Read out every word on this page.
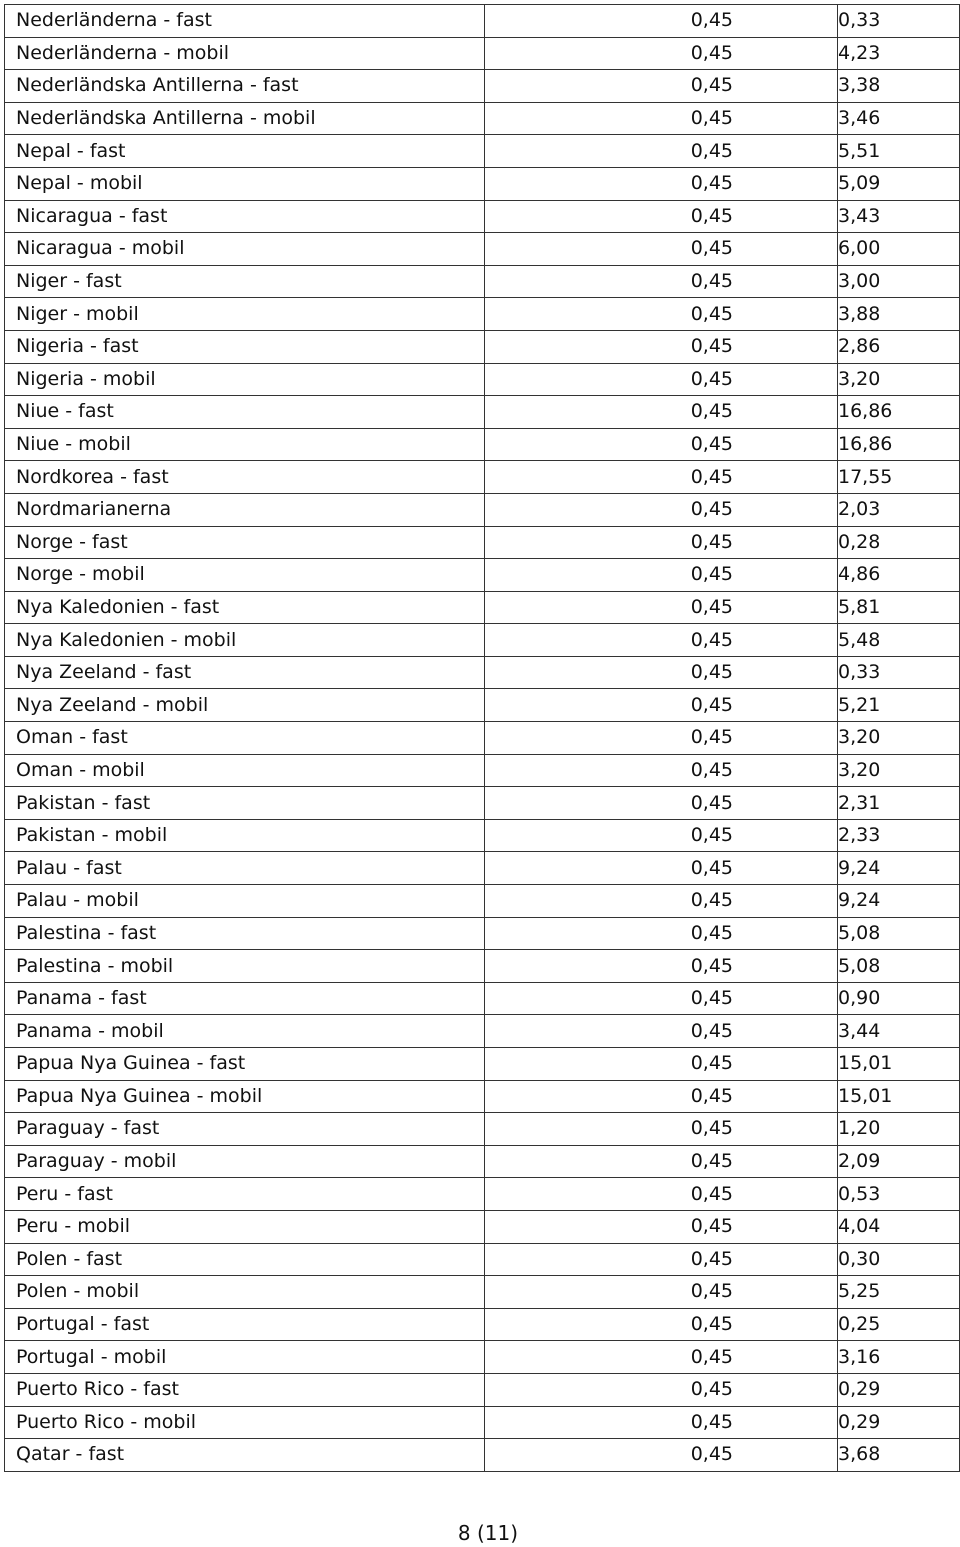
Nederländerna - fast	0,45	0,33
Nederländerna - mobil	0,45	4,23
Nederländska Antillerna - fast	0,45	3,38
Nederländska Antillerna - mobil	0,45	3,46
Nepal - fast	0,45	5,51
Nepal - mobil	0,45	5,09
Nicaragua - fast	0,45	3,43
Nicaragua - mobil	0,45	6,00
Niger - fast	0,45	3,00
Niger - mobil	0,45	3,88
Nigeria - fast	0,45	2,86
Nigeria - mobil	0,45	3,20
Niue - fast	0,45	16,86
Niue - mobil	0,45	16,86
Nordkorea - fast	0,45	17,55
Nordmarianerna	0,45	2,03
Norge - fast	0,45	0,28
Norge - mobil	0,45	4,86
Nya Kaledonien - fast	0,45	5,81
Nya Kaledonien - mobil	0,45	5,48
Nya Zeeland - fast	0,45	0,33
Nya Zeeland - mobil	0,45	5,21
Oman - fast	0,45	3,20
Oman - mobil	0,45	3,20
Pakistan - fast	0,45	2,31
Pakistan - mobil	0,45	2,33
Palau - fast	0,45	9,24
Palau - mobil	0,45	9,24
Palestina - fast	0,45	5,08
Palestina - mobil	0,45	5,08
Panama - fast	0,45	0,90
Panama - mobil	0,45	3,44
Papua Nya Guinea - fast	0,45	15,01
Papua Nya Guinea - mobil	0,45	15,01
Paraguay - fast	0,45	1,20
Paraguay - mobil	0,45	2,09
Peru - fast	0,45	0,53
Peru - mobil	0,45	4,04
Polen - fast	0,45	0,30
Polen - mobil	0,45	5,25
Portugal - fast	0,45	0,25
Portugal - mobil	0,45	3,16
Puerto Rico - fast	0,45	0,29
Puerto Rico - mobil	0,45	0,29
Qatar - fast	0,45	3,68
8 (11)
